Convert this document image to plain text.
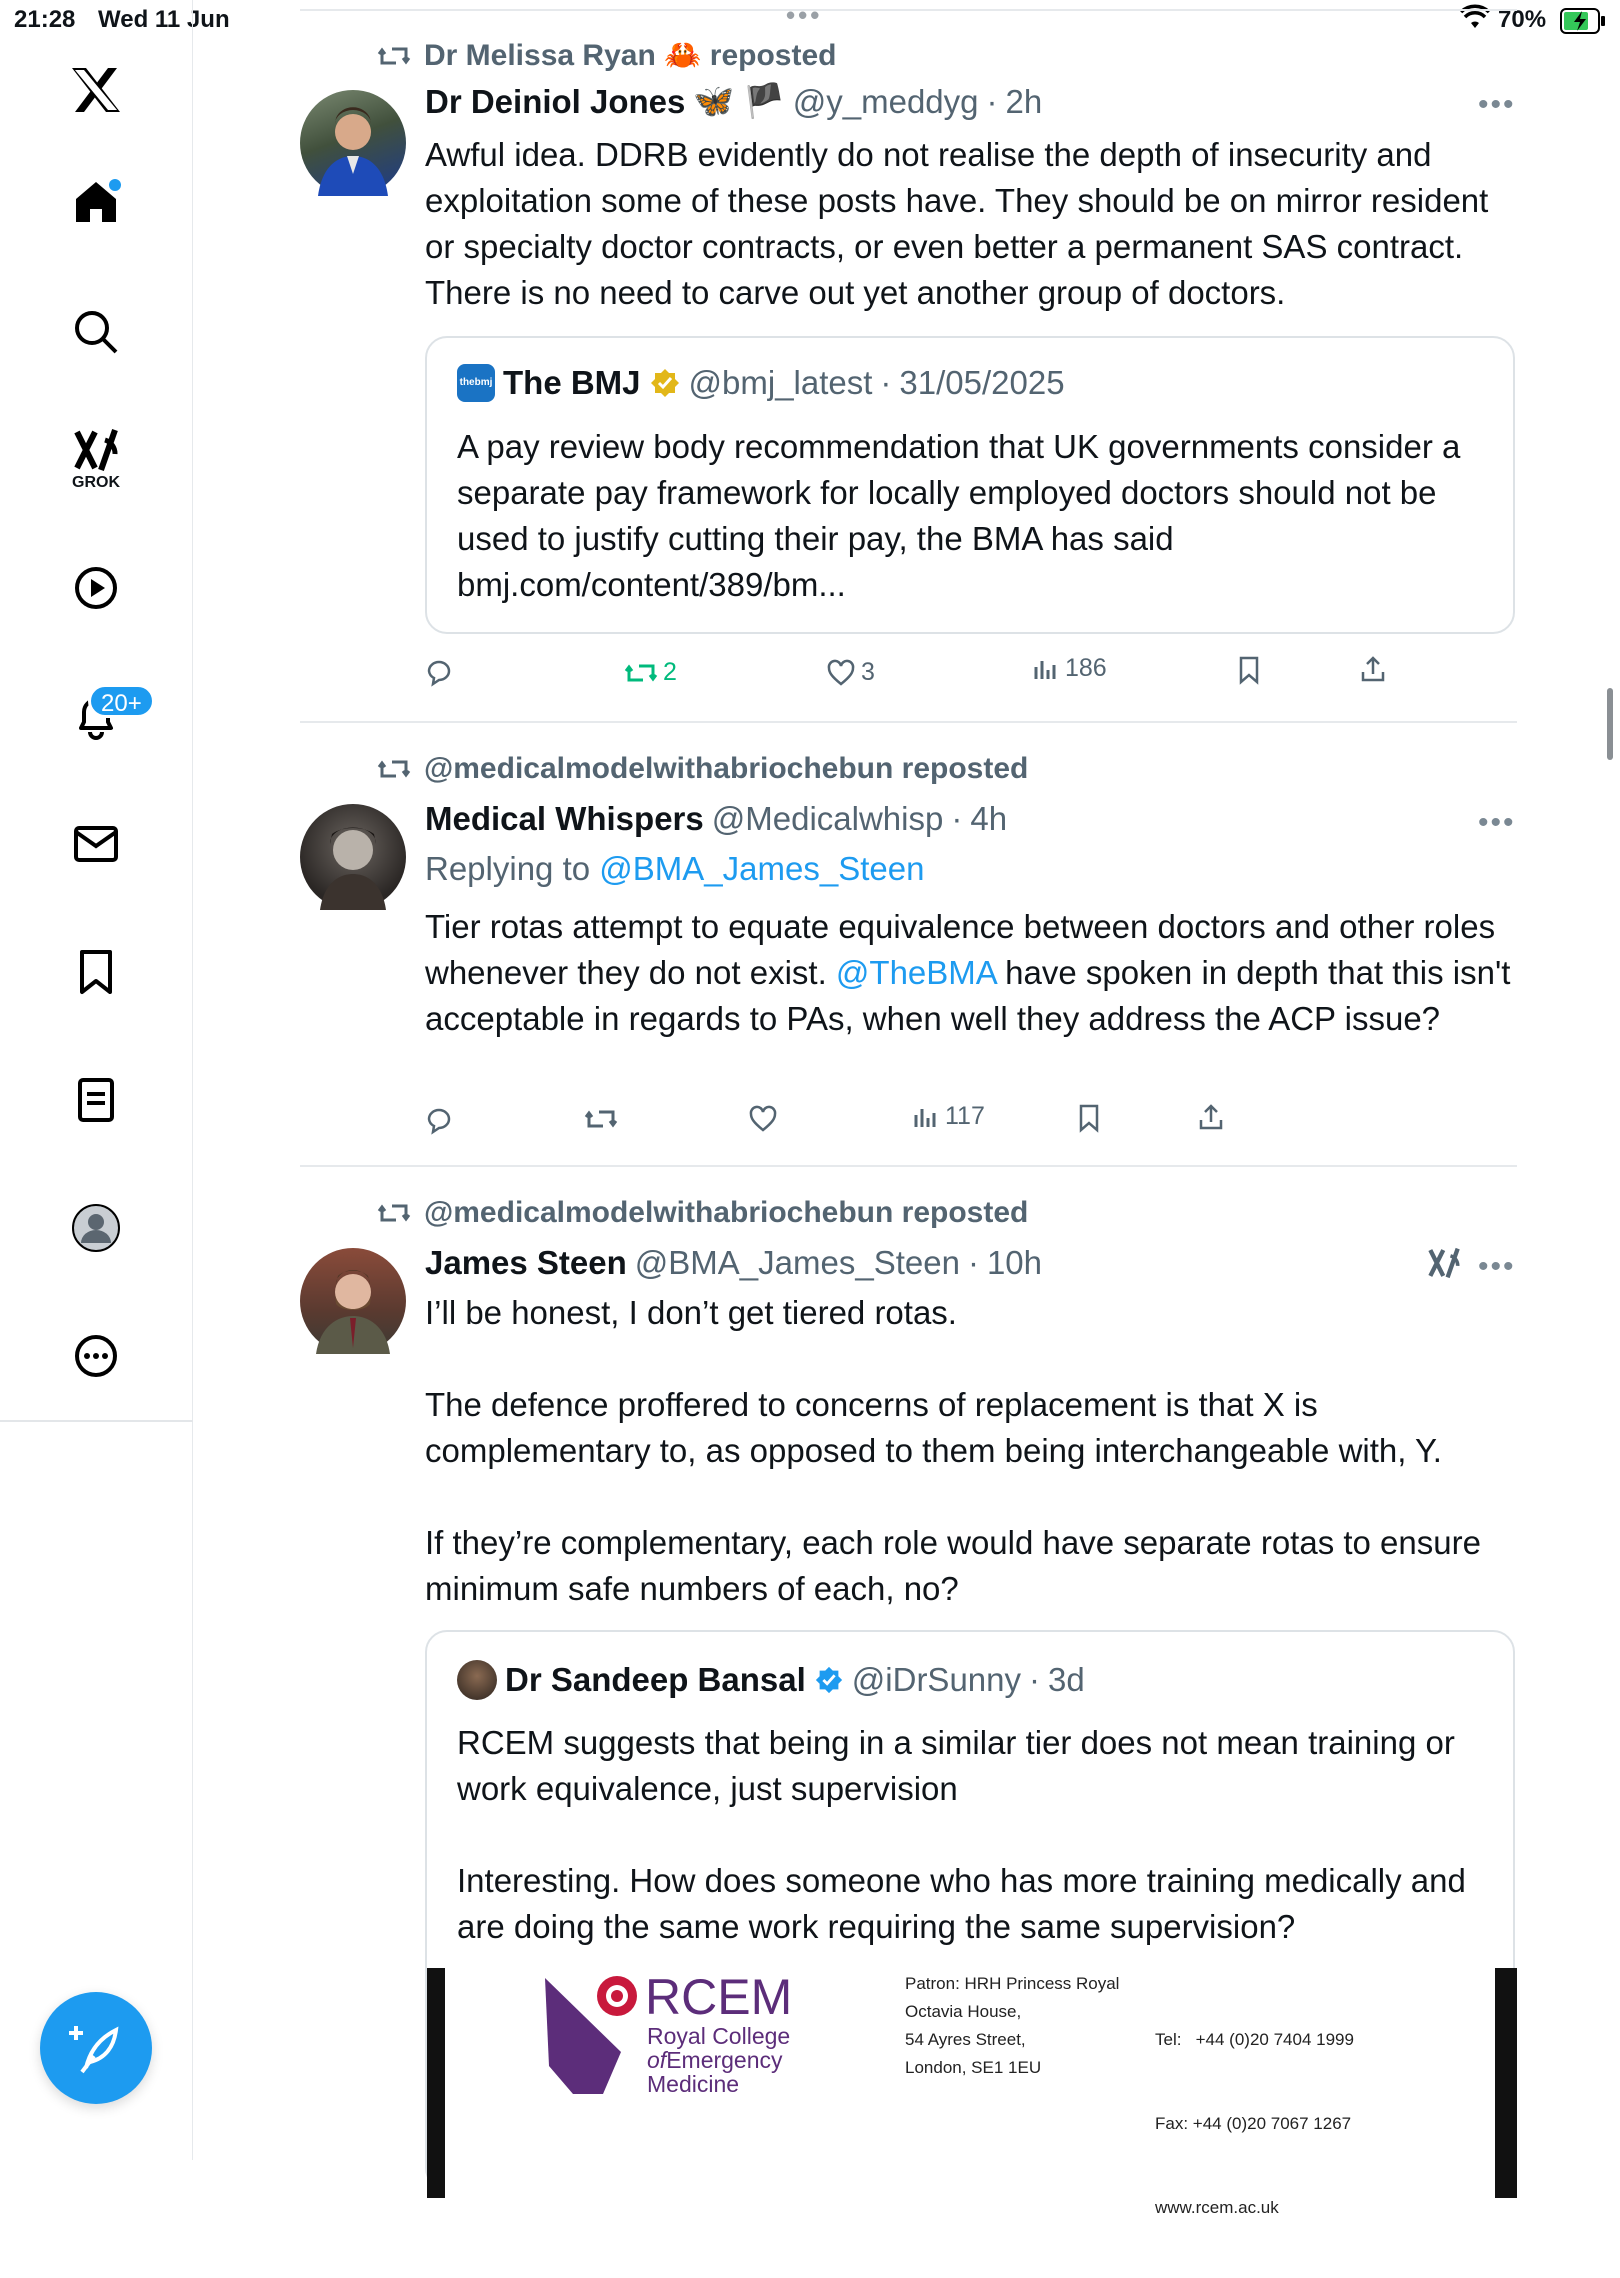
21:28 Wed 11 Jun	•••	70%
GROK
20+
Dr Melissa Ryan 🦀 reposted
Dr Deiniol Jones 🦋 🏴 @y_meddyg · 2h	•••
Awful idea. DDRB evidently do not realise the depth of insecurity and exploitation some of these posts have. They should be on mirror resident or specialty doctor contracts, or even better a permanent SAS contract. There is no need to carve out yet another group of doctors.
thebmj The BMJ @bmj_latest · 31/05/2025
A pay review body recommendation that UK governments consider a separate pay framework for locally employed doctors should not be used to justify cutting their pay, the BMA has said bmj.com/content/389/bm...
2	3	186
@medicalmodelwithabriochebun reposted
Medical Whispers @Medicalwhisp · 4h	•••
Replying to @BMA_James_Steen
Tier rotas attempt to equate equivalence between doctors and other roles whenever they do not exist. @TheBMA have spoken in depth that this isn't acceptable in regards to PAs, when well they address the ACP issue?
117
@medicalmodelwithabriochebun reposted
James Steen @BMA_James_Steen · 10h	•••
I’ll be honest, I don’t get tiered rotas.
The defence proffered to concerns of replacement is that X is complementary to, as opposed to them being interchangeable with, Y.
If they’re complementary, each role would have separate rotas to ensure minimum safe numbers of each, no?
Dr Sandeep Bansal @iDrSunny · 3d
RCEM suggests that being in a similar tier does not mean training or work equivalence, just supervision
Interesting. How does someone who has more training medically and are doing the same work requiring the same supervision?
RCEM
Royal College
ofEmergency
Medicine
Patron: HRH Princess Royal
Octavia House,
54 Ayres Street,
London, SE1 1EU

Tel:   +44 (0)20 7404 1999

Fax: +44 (0)20 7067 1267

www.rcem.ac.uk
